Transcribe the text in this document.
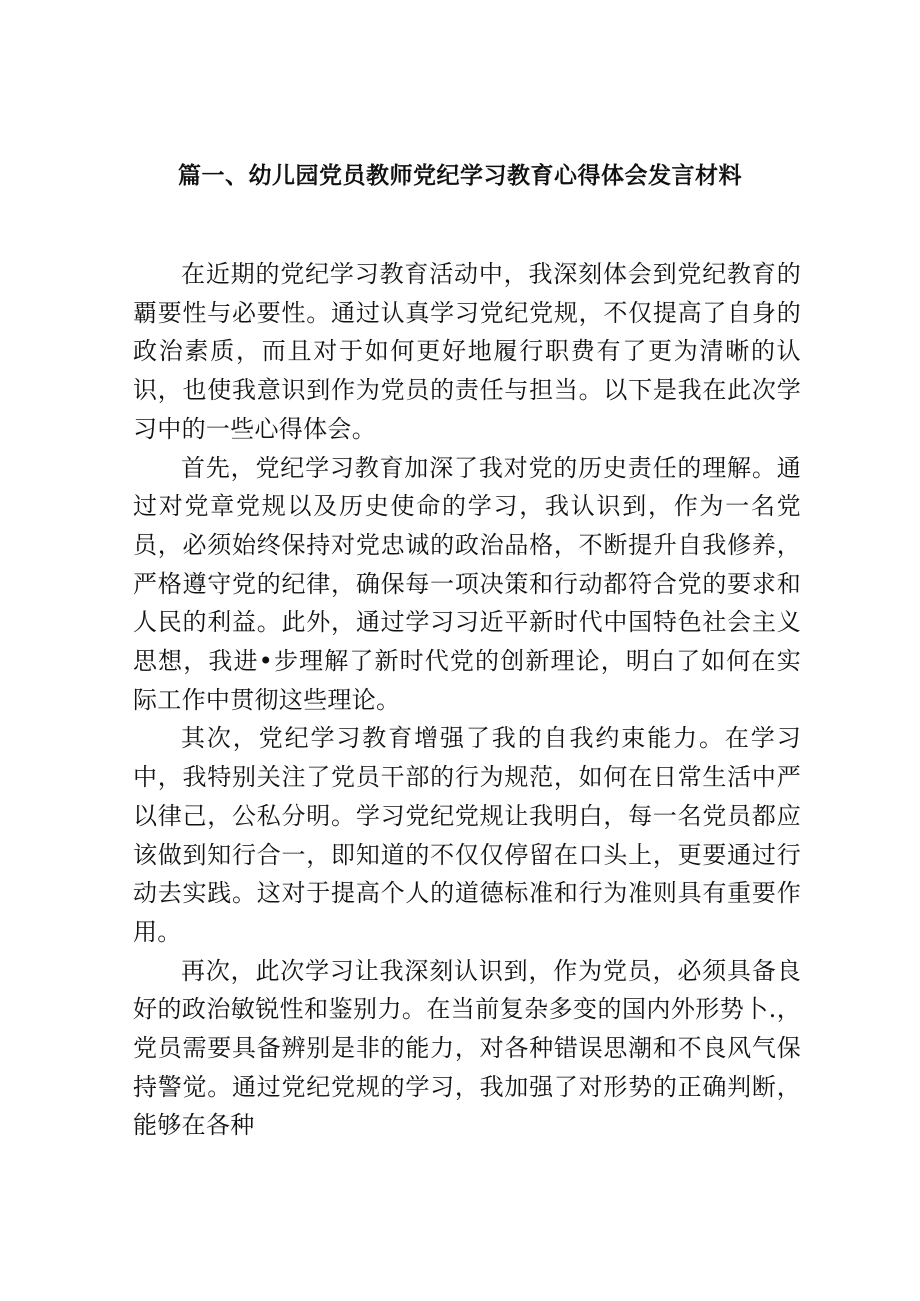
篇一、幼儿园党员教师党纪学习教育心得体会发言材料

在近期的党纪学习教育活动中，我深刻体会到党纪教育的覇要性与必要性。通过认真学习党纪党规，不仅提高了自身的政治素质，而且对于如何更好地履行职费有了更为清晰的认识，也使我意识到作为党员的责任与担当。以下是我在此次学习中的一些心得体会。

首先，党纪学习教育加深了我对党的历史责任的理解。通过对党章党规以及历史使命的学习，我认识到，作为一名党员，必须始终保持对党忠诚的政治品格，不断提升自我修养，严格遵守党的纪律，确保每一项决策和行动都符合党的要求和人民的利益。此外，通过学习习近平新时代中国特色社会主义思想，我进•步理解了新时代党的创新理论，明白了如何在实际工作中贯彻这些理论。

其次，党纪学习教育增强了我的自我约束能力。在学习中，我特别关注了党员干部的行为规范，如何在日常生活中严以律己，公私分明。学习党纪党规让我明白，每一名党员都应该做到知行合一，即知道的不仅仅停留在口头上，更要通过行动去实践。这对于提高个人的道德标准和行为准则具有重要作用。

再次，此次学习让我深刻认识到，作为党员，必须具备良好的政治敏锐性和鉴别力。在当前复杂多变的国内外形势卜.，党员需要具备辨别是非的能力，对各种错误思潮和不良风气保持警觉。通过党纪党规的学习，我加强了对形势的正确判断，能够在各种
